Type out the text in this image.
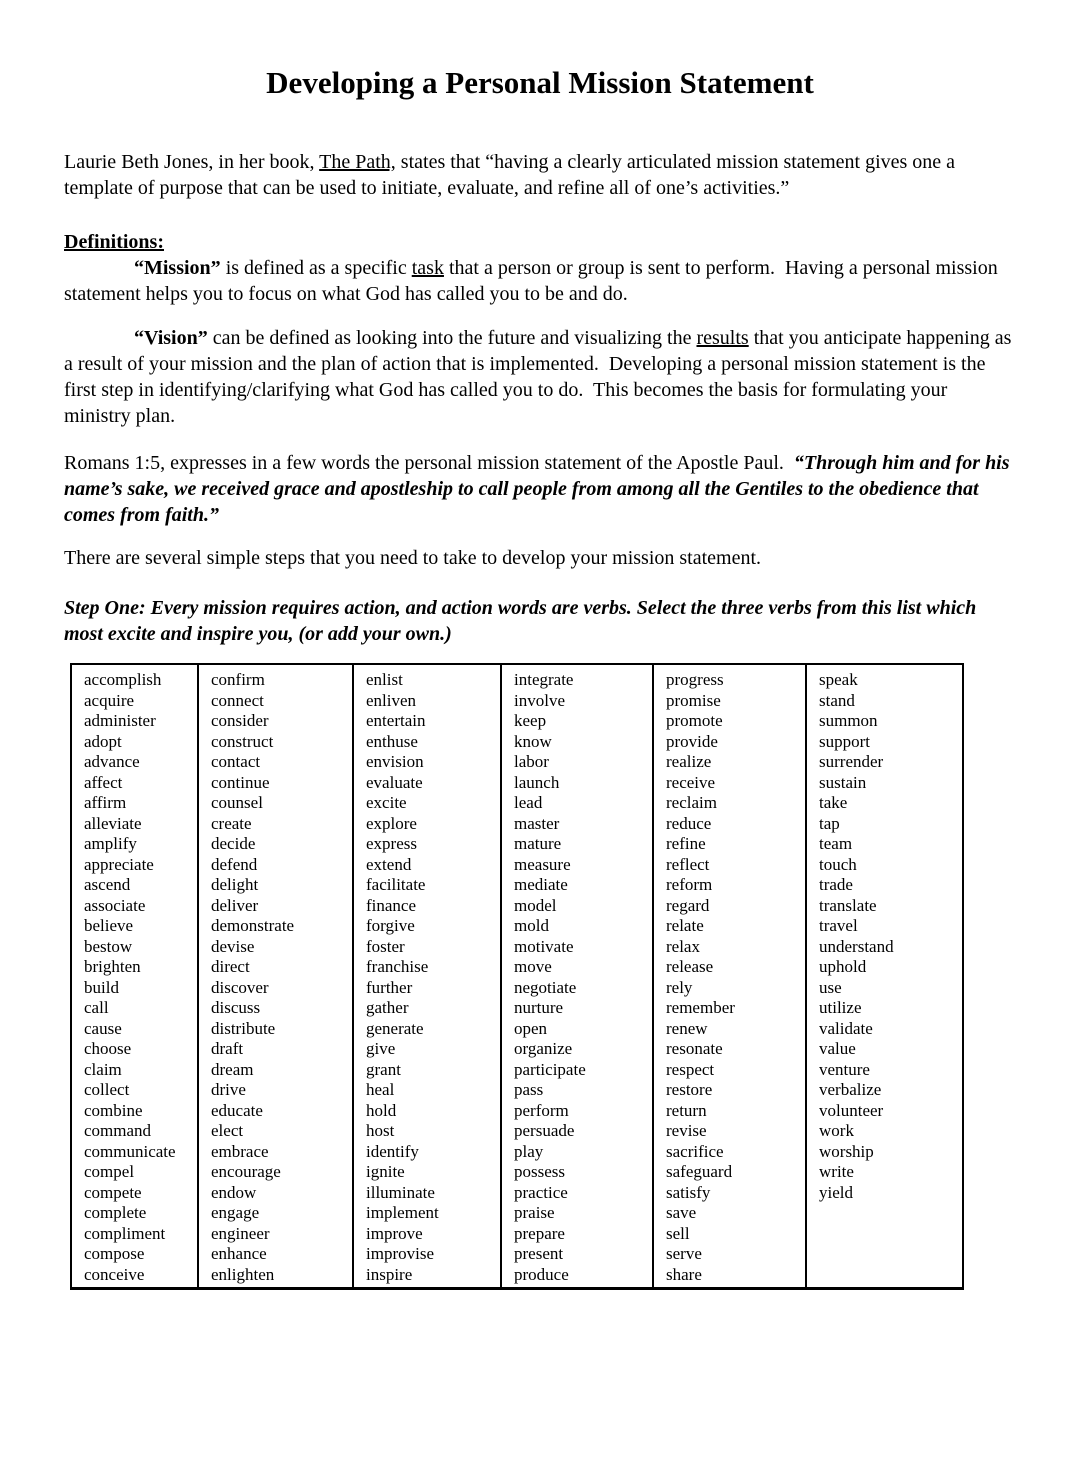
Developing a Personal Mission Statement

Laurie Beth Jones, in her book, The Path, states that “having a clearly articulated mission statement gives one a template of purpose that can be used to initiate, evaluate, and refine all of one’s activities.”

Definitions:

“Mission” is defined as a specific task that a person or group is sent to perform.  Having a personal mission statement helps you to focus on what God has called you to be and do.

“Vision” can be defined as looking into the future and visualizing the results that you anticipate happening as a result of your mission and the plan of action that is implemented.  Developing a personal mission statement is the first step in identifying/clarifying what God has called you to do.  This becomes the basis for formulating your ministry plan.

Romans 1:5, expresses in a few words the personal mission statement of the Apostle Paul.  “Through him and for his name’s sake, we received grace and apostleship to call people from among all the Gentiles to the obedience that comes from faith.”

There are several simple steps that you need to take to develop your mission statement.

Step One: Every mission requires action, and action words are verbs. Select the three verbs from this list which most excite and inspire you, (or add your own.)

accomplish
acquire
administer
adopt
advance
affect
affirm
alleviate
amplify
appreciate
ascend
associate
believe
bestow
brighten
build
call
cause
choose
claim
collect
combine
command
communicate
compel
compete
complete
compliment
compose
conceive
confirm
connect
consider
construct
contact
continue
counsel
create
decide
defend
delight
deliver
demonstrate
devise
direct
discover
discuss
distribute
draft
dream
drive
educate
elect
embrace
encourage
endow
engage
engineer
enhance
enlighten
enlist
enliven
entertain
enthuse
envision
evaluate
excite
explore
express
extend
facilitate
finance
forgive
foster
franchise
further
gather
generate
give
grant
heal
hold
host
identify
ignite
illuminate
implement
improve
improvise
inspire
integrate
involve
keep
know
labor
launch
lead
master
mature
measure
mediate
model
mold
motivate
move
negotiate
nurture
open
organize
participate
pass
perform
persuade
play
possess
practice
praise
prepare
present
produce
progress
promise
promote
provide
realize
receive
reclaim
reduce
refine
reflect
reform
regard
relate
relax
release
rely
remember
renew
resonate
respect
restore
return
revise
sacrifice
safeguard
satisfy
save
sell
serve
share
speak
stand
summon
support
surrender
sustain
take
tap
team
touch
trade
translate
travel
understand
uphold
use
utilize
validate
value
venture
verbalize
volunteer
work
worship
write
yield
